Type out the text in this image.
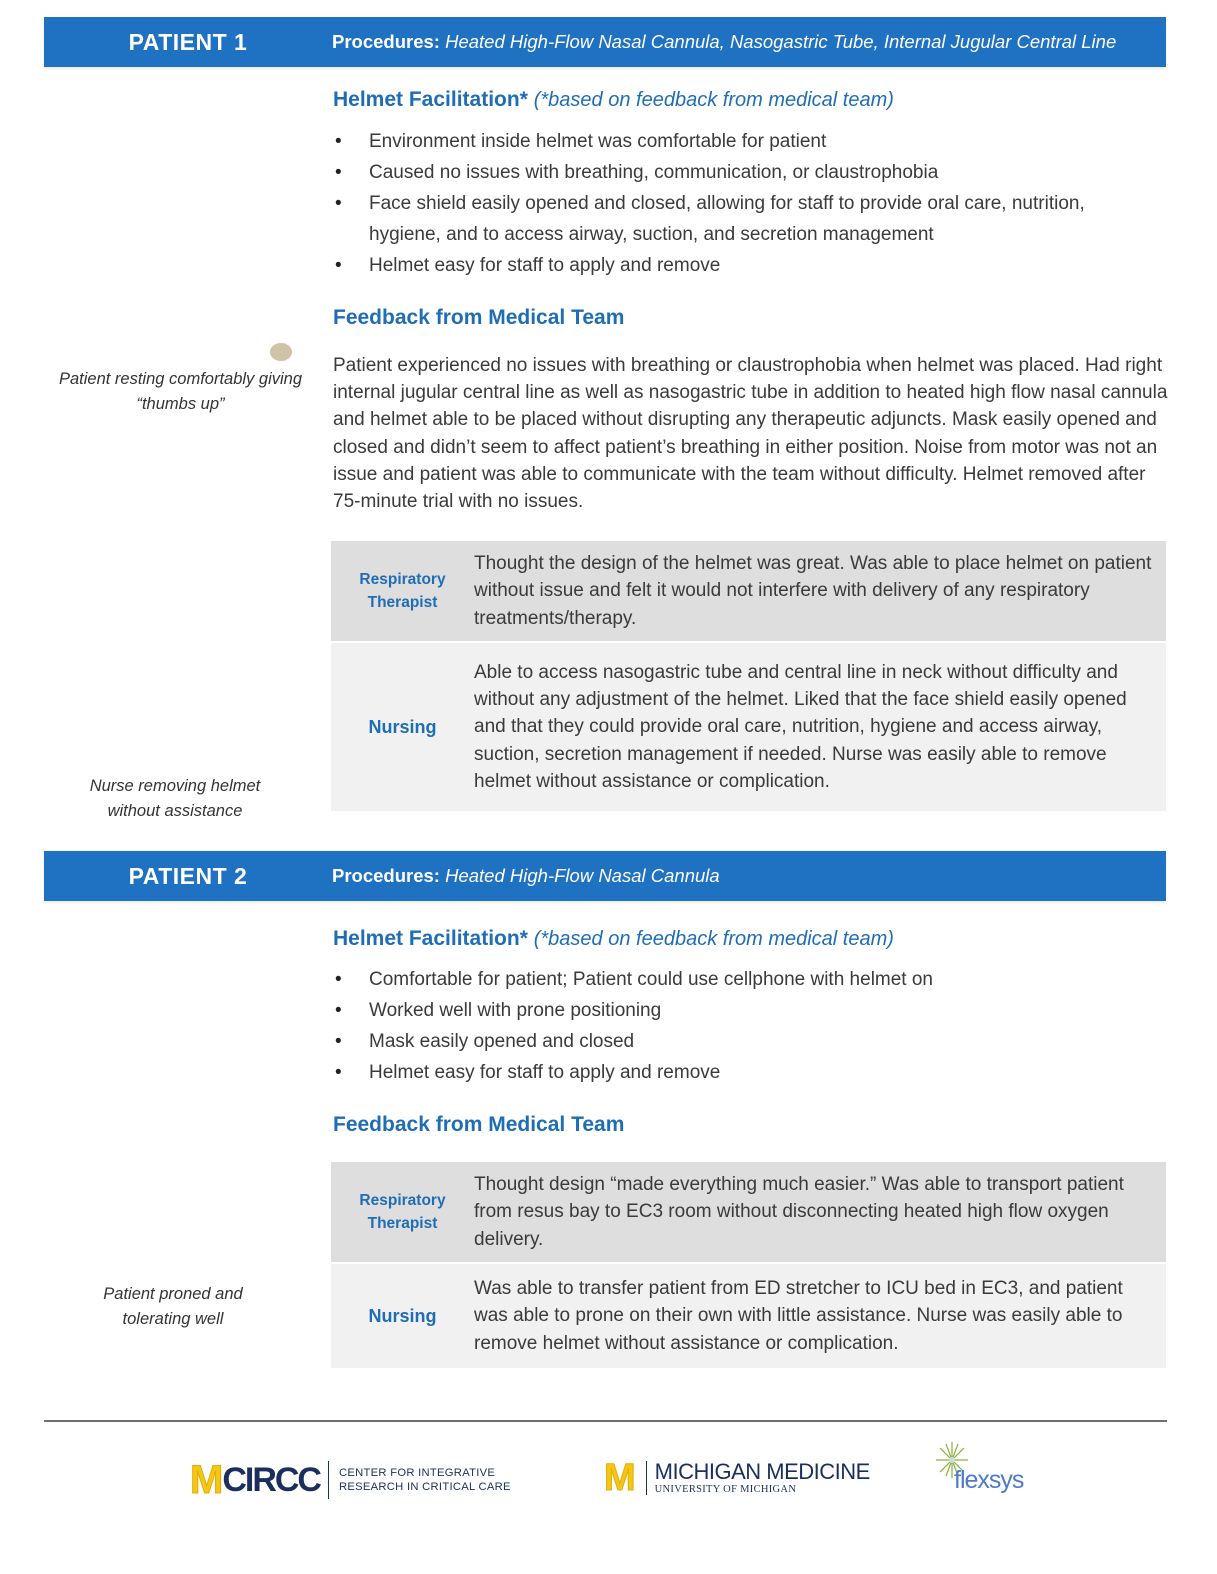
PATIENT 1	Procedures: Heated High-Flow Nasal Cannula, Nasogastric Tube, Internal Jugular Central Line
Helmet Facilitation* (*based on feedback from medical team)
• Environment inside helmet was comfortable for patient
• Caused no issues with breathing, communication, or claustrophobia
• Face shield easily opened and closed, allowing for staff to provide oral care, nutrition, hygiene, and to access airway, suction, and secretion management
• Helmet easy for staff to apply and remove
Feedback from Medical Team
Patient experienced no issues with breathing or claustrophobia when helmet was placed. Had right internal jugular central line as well as nasogastric tube in addition to heated high flow nasal cannula and helmet able to be placed without disrupting any therapeutic adjuncts. Mask easily opened and closed and didn’t seem to affect patient’s breathing in either position. Noise from motor was not an issue and patient was able to communicate with the team without difficulty. Helmet removed after 75-minute trial with no issues.
Patient resting comfortably giving “thumbs up”
Respiratory Therapist
Thought the design of the helmet was great. Was able to place helmet on patient without issue and felt it would not interfere with delivery of any respiratory treatments/therapy.
Nursing
Able to access nasogastric tube and central line in neck without difficulty and without any adjustment of the helmet. Liked that the face shield easily opened and that they could provide oral care, nutrition, hygiene and access airway, suction, secretion management if needed. Nurse was easily able to remove helmet without assistance or complication.
Nurse removing helmet without assistance
PATIENT 2	Procedures: Heated High-Flow Nasal Cannula
Helmet Facilitation* (*based on feedback from medical team)
• Comfortable for patient; Patient could use cellphone with helmet on
• Worked well with prone positioning
• Mask easily opened and closed
• Helmet easy for staff to apply and remove
Feedback from Medical Team
Respiratory Therapist
Thought design “made everything much easier.” Was able to transport patient from resus bay to EC3 room without disconnecting heated high flow oxygen delivery.
Nursing
Was able to transfer patient from ED stretcher to ICU bed in EC3, and patient was able to prone on their own with little assistance. Nurse was easily able to remove helmet without assistance or complication.
Patient proned and tolerating well
M CIRCC CENTER FOR INTEGRATIVE
RESEARCH IN CRITICAL CARE M MICHIGAN MEDICINE
UNIVERSITY OF MICHIGAN	flexsys
